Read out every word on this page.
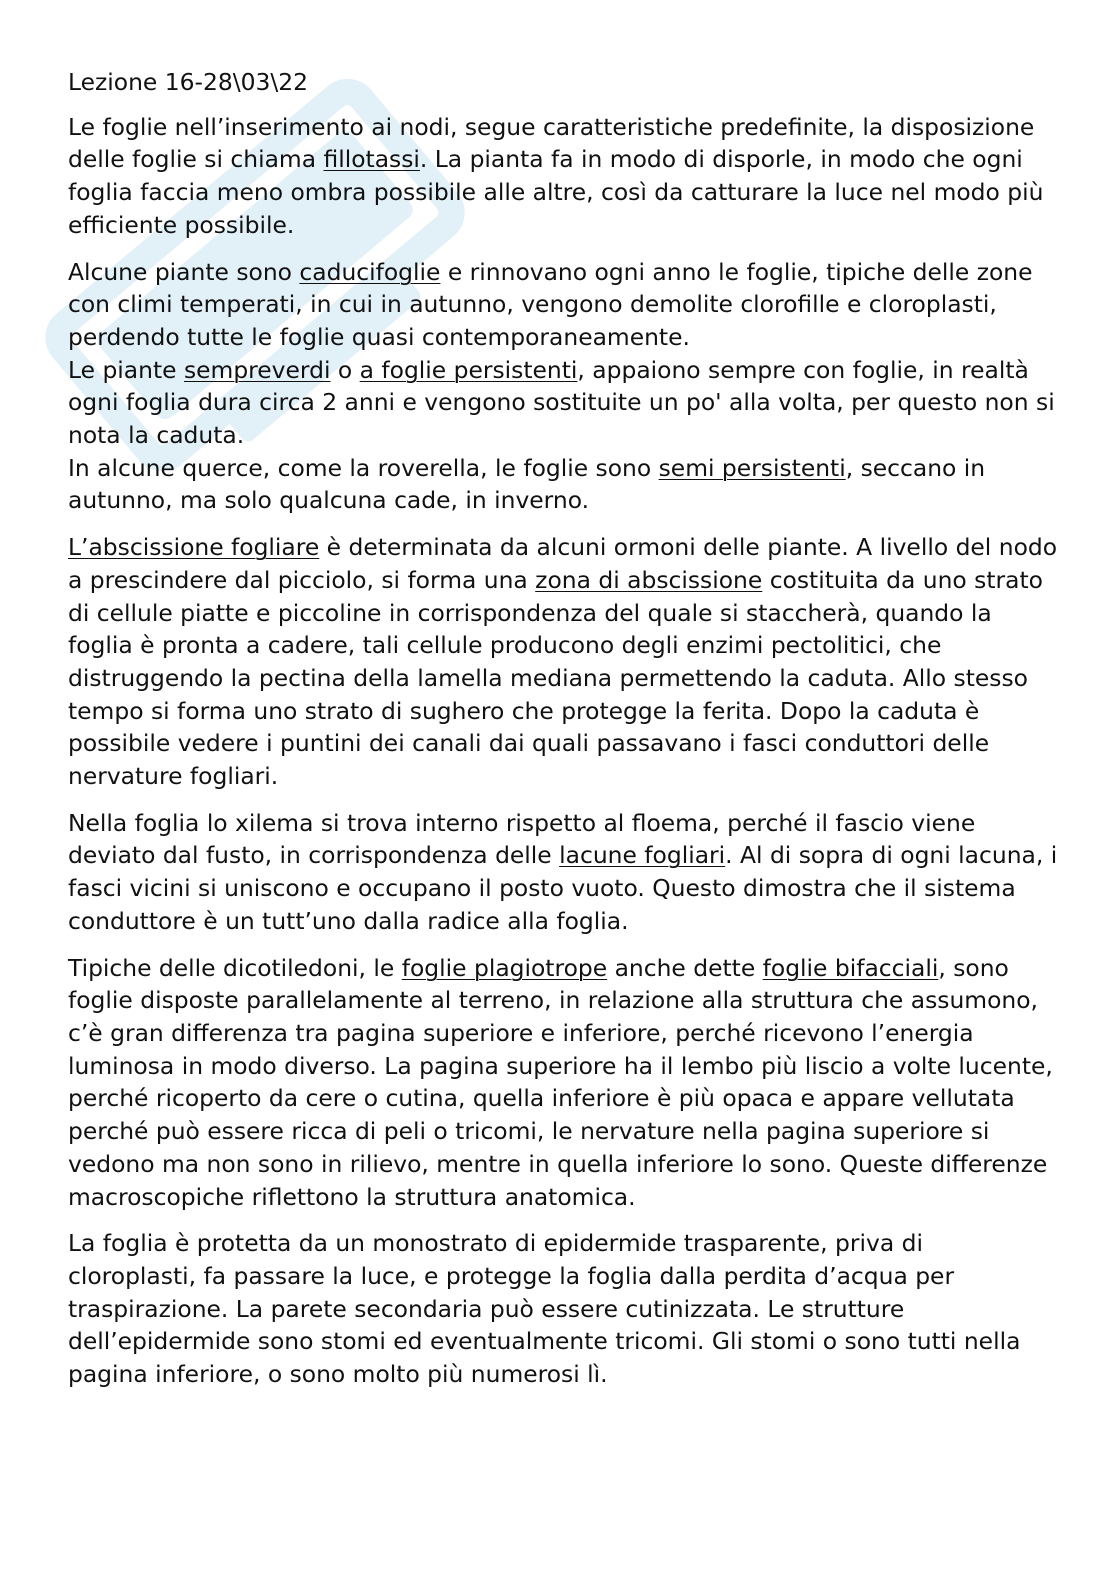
Lezione 16-28\03\22

Le foglie nell’inserimento ai nodi, segue caratteristiche predefinite, la disposizione delle foglie si chiama fillotassi. La pianta fa in modo di disporle, in modo che ogni foglia faccia meno ombra possibile alle altre, così da catturare la luce nel modo più efficiente possibile.

Alcune piante sono caducifoglie e rinnovano ogni anno le foglie, tipiche delle zone con climi temperati, in cui in autunno, vengono demolite clorofille e cloroplasti, perdendo tutte le foglie quasi contemporaneamente.

Le piante sempreverdi o a foglie persistenti, appaiono sempre con foglie, in realtà ogni foglia dura circa 2 anni e vengono sostituite un po' alla volta, per questo non si nota la caduta.

In alcune querce, come la roverella, le foglie sono semi persistenti, seccano in autunno, ma solo qualcuna cade, in inverno.

L’abscissione fogliare è determinata da alcuni ormoni delle piante. A livello del nodo a prescindere dal picciolo, si forma una zona di abscissione costituita da uno strato di cellule piatte e piccoline in corrispondenza del quale si staccherà, quando la foglia è pronta a cadere, tali cellule producono degli enzimi pectolitici, che distruggendo la pectina della lamella mediana permettendo la caduta. Allo stesso tempo si forma uno strato di sughero che protegge la ferita. Dopo la caduta è possibile vedere i puntini dei canali dai quali passavano i fasci conduttori delle nervature fogliari.

Nella foglia lo xilema si trova interno rispetto al floema, perché il fascio viene deviato dal fusto, in corrispondenza delle lacune fogliari. Al di sopra di ogni lacuna, i fasci vicini si uniscono e occupano il posto vuoto. Questo dimostra che il sistema conduttore è un tutt’uno dalla radice alla foglia.

Tipiche delle dicotiledoni, le foglie plagiotrope anche dette foglie bifacciali, sono foglie disposte parallelamente al terreno, in relazione alla struttura che assumono, c’è gran differenza tra pagina superiore e inferiore, perché ricevono l’energia luminosa in modo diverso. La pagina superiore ha il lembo più liscio a volte lucente, perché ricoperto da cere o cutina, quella inferiore è più opaca e appare vellutata perché può essere ricca di peli o tricomi, le nervature nella pagina superiore si vedono ma non sono in rilievo, mentre in quella inferiore lo sono. Queste differenze macroscopiche riflettono la struttura anatomica.

La foglia è protetta da un monostrato di epidermide trasparente, priva di cloroplasti, fa passare la luce, e protegge la foglia dalla perdita d’acqua per traspirazione. La parete secondaria può essere cutinizzata. Le strutture dell’epidermide sono stomi ed eventualmente tricomi. Gli stomi o sono tutti nella pagina inferiore, o sono molto più numerosi lì.
